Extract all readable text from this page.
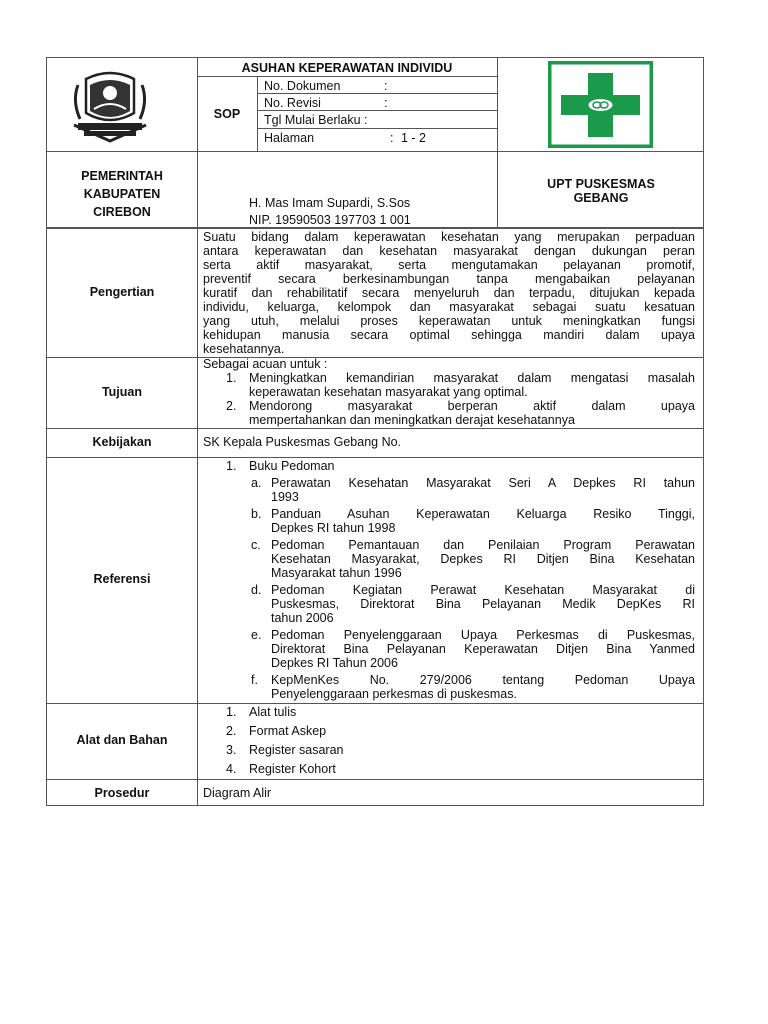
ASUHAN KEPERAWATAN INDIVIDU
SOP
No. Dokumen	:
No. Revisi	:
Tgl Mulai Berlaku :
Halaman	: 1 - 2
PEMERINTAH
KABUPATEN
CIREBON
H. Mas Imam Supardi, S.Sos
NIP. 19590503 197703 1 001
UPT PUSKESMAS
GEBANG
Pengertian
Suatu bidang dalam keperawatan kesehatan yang merupakan perpaduan
antara keperawatan dan kesehatan masyarakat dengan dukungan peran
serta aktif masyarakat, serta mengutamakan pelayanan promotif,
preventif secara berkesinambungan tanpa mengabaikan pelayanan
kuratif dan rehabilitatif secara menyeluruh dan terpadu, ditujukan kepada
individu, keluarga, kelompok dan masyarakat sebagai suatu kesatuan
yang utuh, melalui proses keperawatan untuk meningkatkan fungsi
kehidupan manusia secara optimal sehingga mandiri dalam upaya
kesehatannya.
Tujuan
Sebagai acuan untuk :
1. Meningkatkan kemandirian masyarakat dalam mengatasi masalah
keperawatan kesehatan masyarakat yang optimal.
2. Mendorong masyarakat berperan aktif dalam upaya
mempertahankan dan meningkatkan derajat kesehatannya
Kebijakan	SK Kepala Puskesmas Gebang No.
Referensi
1. Buku Pedoman
a. Perawatan Kesehatan Masyarakat Seri A Depkes RI tahun
1993
b. Panduan Asuhan Keperawatan Keluarga Resiko Tinggi,
Depkes RI tahun 1998
c. Pedoman Pemantauan dan Penilaian Program Perawatan
Kesehatan Masyarakat, Depkes RI Ditjen Bina Kesehatan
Masyarakat tahun 1996
d. Pedoman Kegiatan Perawat Kesehatan Masyarakat di
Puskesmas, Direktorat Bina Pelayanan Medik DepKes RI
tahun 2006
e. Pedoman Penyelenggaraan Upaya Perkesmas di Puskesmas,
Direktorat Bina Pelayanan Keperawatan Ditjen Bina Yanmed
Depkes RI Tahun 2006
f. KepMenKes No. 279/2006 tentang Pedoman Upaya
Penyelenggaraan perkesmas di puskesmas.
Alat dan Bahan
1. Alat tulis
2. Format Askep
3. Register sasaran
4. Register Kohort
Prosedur	Diagram Alir
